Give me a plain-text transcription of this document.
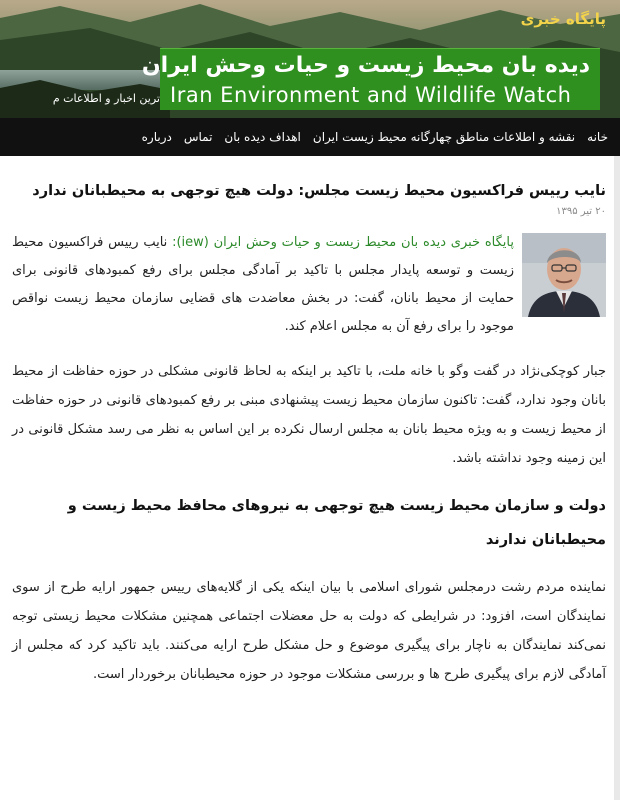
پایگاه خبری

دیده بان محیط زیست و حیات وحش ایران

Iran Environment and Wildlife Watch

ترین اخبار و اطلاعات م
خانه
نقشه و اطلاعات مناطق چهارگانه محیط زیست ایران
اهداف دیده بان
تماس
درباره
نایب رییس فراکسیون محیط زیست مجلس: دولت هیچ توجهی به محیطبانان ندارد

۲۰ تیر ۱۳۹۵

پایگاه خبری دیده بان محیط زیست و حیات وحش ایران (iew): نایب رییس فراکسیون محیط زیست و توسعه پایدار مجلس با تاکید بر آمادگی مجلس برای رفع کمبودهای قانونی برای حمایت از محیط بانان، گفت: در بخش معاضدت های قضایی سازمان محیط زیست نواقص موجود را برای رفع آن به مجلس اعلام کند.

جبار کوچکی‌نژاد در گفت وگو با خانه ملت، با تاکید بر اینکه به لحاظ قانونی مشکلی در حوزه حفاظت از محیط بانان وجود ندارد، گفت: تاکنون سازمان محیط زیست پیشنهادی مبنی بر رفع کمبودهای قانونی در حوزه حفاظت از محیط زیست و به ویژه محیط بانان به مجلس ارسال نکرده بر این اساس به نظر می رسد مشکل قانونی در این زمینه وجود نداشته باشد.

دولت و سازمان محیط زیست هیچ توجهی به نیروهای محافظ محیط زیست و محیطبانان ندارند

نماینده مردم رشت درمجلس شورای اسلامی با بیان اینکه یکی از گلایه‌های رییس جمهور ارایه طرح از سوی نمایندگان است، افزود: در شرایطی که دولت به حل معضلات اجتماعی همچنین مشکلات محیط زیستی توجه نمی‌کند نمایندگان به ناچار برای پیگیری موضوع و حل مشکل طرح ارایه می‌کنند. باید تاکید کرد که مجلس از آمادگی لازم برای پیگیری طرح ها و بررسی مشکلات موجود در حوزه محیطبانان برخوردار است.
